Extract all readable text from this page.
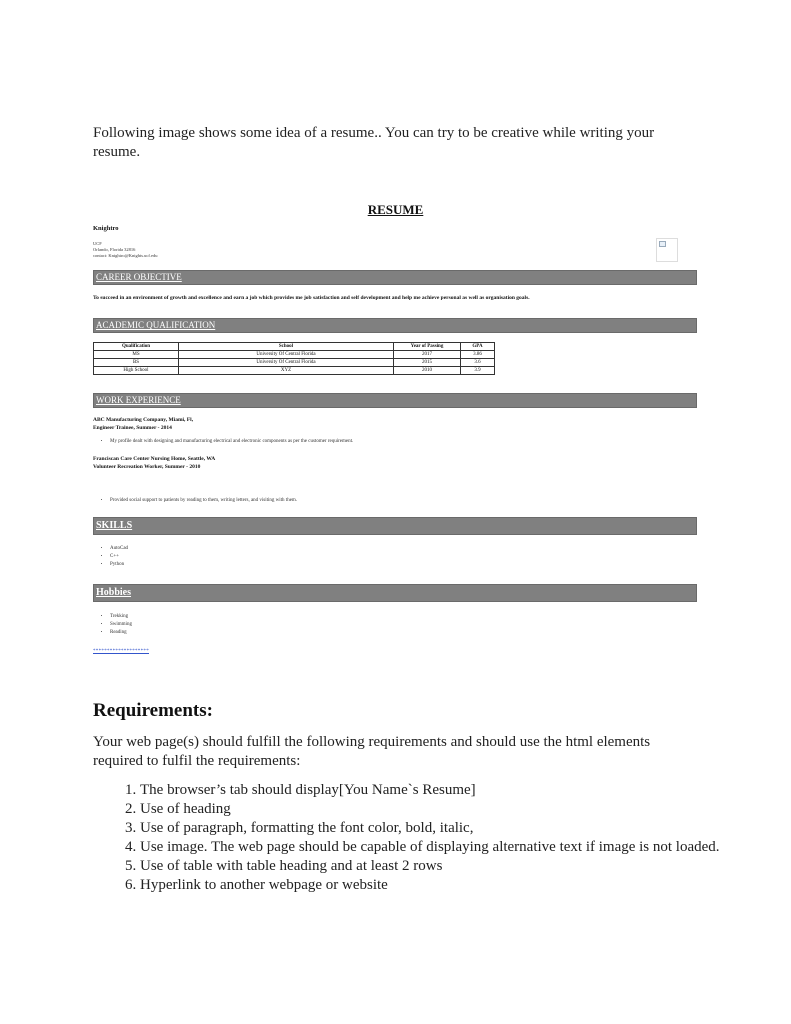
Following image shows some idea of a resume.. You can try to be creative while writing your resume.

RESUME
Knightro
UCF
Orlando, Florida 32816
contact: Knightro@Knights.ucf.edu
CAREER OBJECTIVE
To succeed in an environment of growth and excellence and earn a job which provides me job satisfaction and self development and help me achieve personal as well as organisation goals.
ACADEMIC QUALIFICATION
Qualification	School	Year of Passing	GPA
MS	University Of Central Florida	2017	3.86
BS	University Of Central Florida	2015	3.6
High School	XYZ	2010	3.9
WORK EXPERIENCE
ABC Manufacturing Company, Miami, Fl,
Engineer Trainee, Summer - 2014
• My profile dealt with designing and manufacturing electrical and electronic components as per the customer requirement.
Franciscan Care Center Nursing Home, Seattle, WA
Volunteer Recreation Worker, Summer - 2010
• Provided social support to patients by reading to them, writing letters, and visiting with them.
SKILLS
• AutoCad
• C++
• Python
Hobbies
• Trekking
• Swimming
• Reading
********************
Requirements:

Your web page(s) should fulfill the following requirements and should use the html elements required to fulfil the requirements:

1. The browser’s tab should display[You Name`s Resume]
2. Use of heading
3. Use of paragraph, formatting the font color, bold, italic,
4. Use image. The web page should be capable of displaying alternative text if image is not loaded.
5. Use of table with table heading and at least 2 rows
6. Hyperlink to another webpage or website
